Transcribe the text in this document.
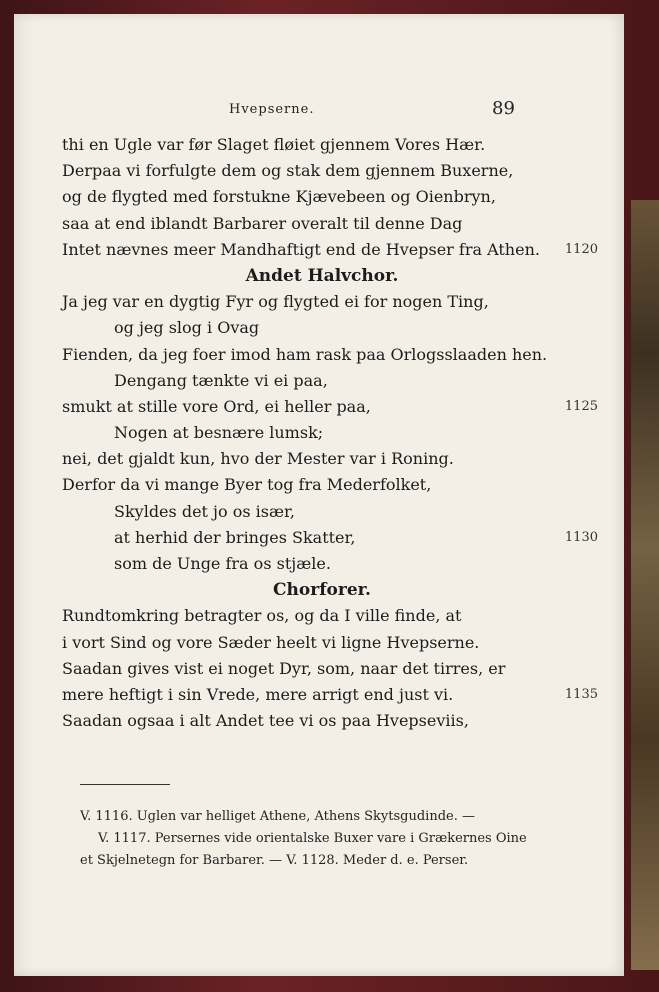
Hvepserne.	89
thi en Ugle var før Slaget fløiet gjennem Vores Hær.
Derpaa vi forfulgte dem og stak dem gjennem Buxerne,
og de flygted med forstukne Kjævebeen og Oienbryn,
saa at end iblandt Barbarer overalt til denne Dag
Intet nævnes meer Mandhaftigt end de Hvepser fra Athen. 1120
Andet Halvchor.
Ja jeg var en dygtig Fyr og flygted ei for nogen Ting,
og jeg slog i Ovag
Fienden, da jeg foer imod ham rask paa Orlogsslaaden hen.
Dengang tænkte vi ei paa,
smukt at stille vore Ord, ei heller paa,	1125
Nogen at besnære lumsk;
nei, det gjaldt kun, hvo der Mester var i Roning.
Derfor da vi mange Byer tog fra Mederfolket,
Skyldes det jo os især,
at herhid der bringes Skatter,	1130
som de Unge fra os stjæle.
Chorforer.
Rundtomkring betragter os, og da I ville finde, at
i vort Sind og vore Sæder heelt vi ligne Hvepserne.
Saadan gives vist ei noget Dyr, som, naar det tirres, er
mere heftigt i sin Vrede, mere arrigt end just vi.	1135
Saadan ogsaa i alt Andet tee vi os paa Hvepseviis,
V. 1116. Uglen var helliget Athene, Athens Skytsgudinde. —
V. 1117. Persernes vide orientalske Buxer vare i Grækernes Oine
et Skjelnetegn for Barbarer. — V. 1128. Meder d. e. Perser.
